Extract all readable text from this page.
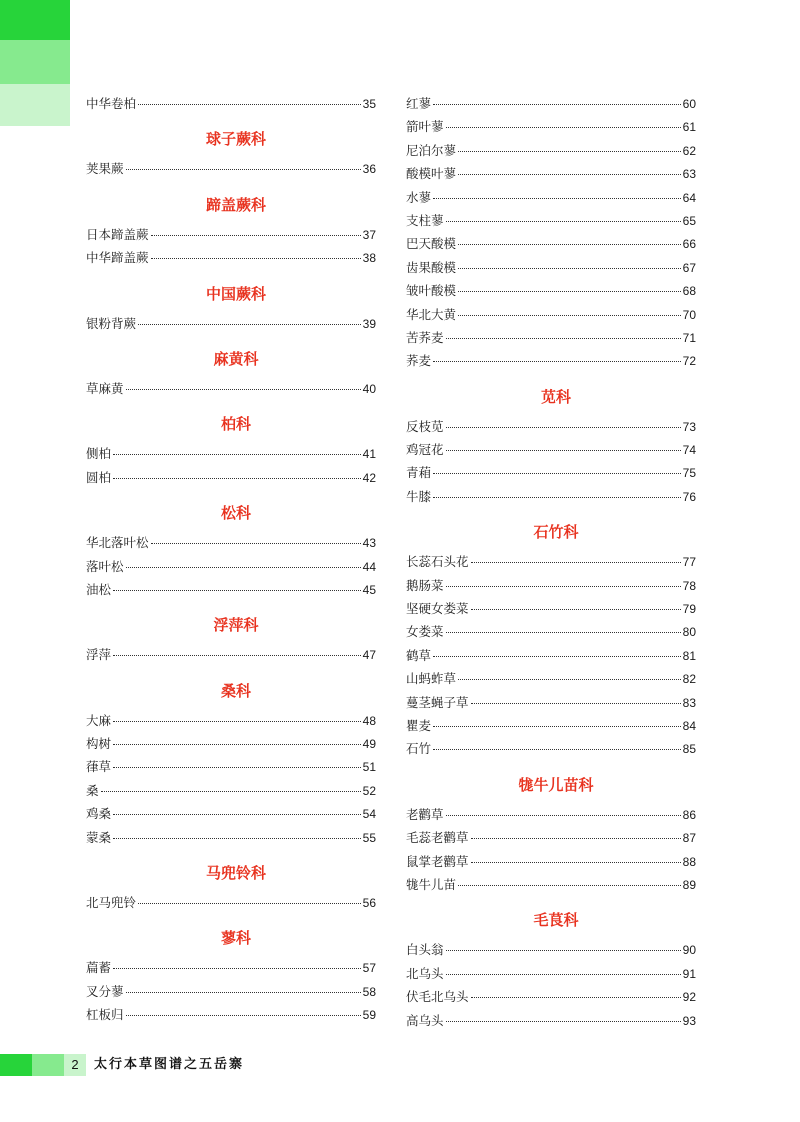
中华卷柏	35
球子蕨科
荚果蕨	36
蹄盖蕨科
日本蹄盖蕨	37
中华蹄盖蕨	38
中国蕨科
银粉背蕨	39
麻黄科
草麻黄	40
柏科
侧柏	41
圆柏	42
松科
华北落叶松	43
落叶松	44
油松	45
浮萍科
浮萍	47
桑科
大麻	48
构树	49
葎草	51
桑	52
鸡桑	54
蒙桑	55
马兜铃科
北马兜铃	56
蓼科
萹蓄	57
叉分蓼	58
杠板归	59
红蓼	60
箭叶蓼	61
尼泊尔蓼	62
酸模叶蓼	63
水蓼	64
支柱蓼	65
巴天酸模	66
齿果酸模	67
皱叶酸模	68
华北大黄	70
苦荞麦	71
荞麦	72
苋科
反枝苋	73
鸡冠花	74
青葙	75
牛膝	76
石竹科
长蕊石头花	77
鹅肠菜	78
坚硬女娄菜	79
女娄菜	80
鹤草	81
山蚂蚱草	82
蔓茎蝇子草	83
瞿麦	84
石竹	85
牻牛儿苗科
老鹳草	86
毛蕊老鹳草	87
鼠掌老鹳草	88
牻牛儿苗	89
毛茛科
白头翁	90
北乌头	91
伏毛北乌头	92
高乌头	93
2	太行本草图谱之五岳寨
